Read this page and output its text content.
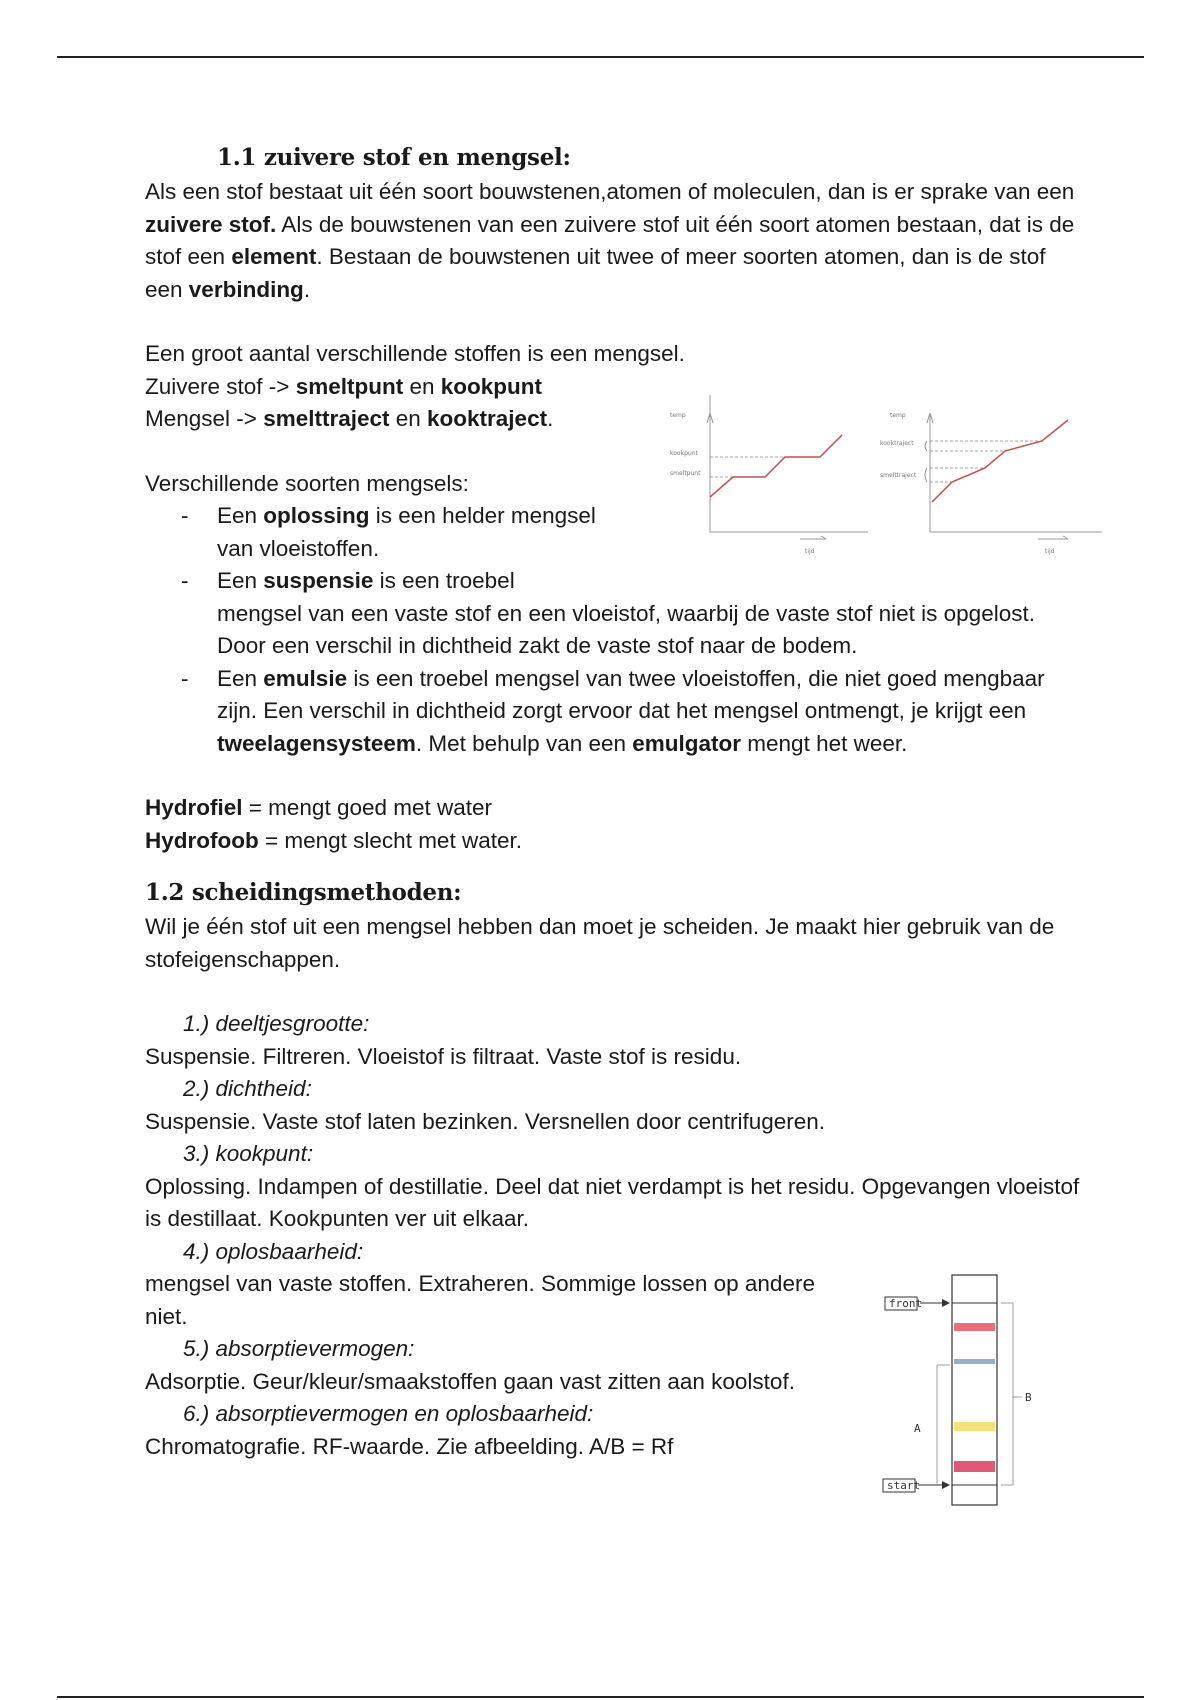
1.1 zuivere stof en mengsel:

Als een stof bestaat uit één soort bouwstenen,atomen of moleculen, dan is er sprake van een zuivere stof. Als de bouwstenen van een zuivere stof uit één soort atomen bestaan, dat is de stof een element. Bestaan de bouwstenen uit twee of meer soorten atomen, dan is de stof een verbinding.

Een groot aantal verschillende stoffen is een mengsel.

Zuivere stof -> smeltpunt en kookpunt

Mengsel -> smelttraject en kooktraject.

Verschillende soorten mengsels:

- Een oplossing is een helder mengsel van vloeistoffen.
- Een suspensie is een troebel
mengsel van een vaste stof en een vloeistof, waarbij de vaste stof niet is opgelost. Door een verschil in dichtheid zakt de vaste stof naar de bodem.
- Een emulsie is een troebel mengsel van twee vloeistoffen, die niet goed mengbaar zijn. Een verschil in dichtheid zorgt ervoor dat het mengsel ontmengt, je krijgt een tweelagensysteem. Met behulp van een emulgator mengt het weer.

Hydrofiel = mengt goed met water

Hydrofoob = mengt slecht met water.

1.2 scheidingsmethoden:

Wil je één stof uit een mengsel hebben dan moet je scheiden. Je maakt hier gebruik van de stofeigenschappen.

1.) deeltjesgrootte:

Suspensie. Filtreren. Vloeistof is filtraat. Vaste stof is residu.

2.) dichtheid:

Suspensie. Vaste stof laten bezinken. Versnellen door centrifugeren.

3.) kookpunt:

Oplossing. Indampen of destillatie. Deel dat niet verdampt is het residu. Opgevangen vloeistof is destillaat. Kookpunten ver uit elkaar.

4.) oplosbaarheid:

mengsel van vaste stoffen. Extraheren. Sommige lossen op andere niet.

5.) absorptievermogen:

Adsorptie. Geur/kleur/smaakstoffen gaan vast zitten aan koolstof.

6.) absorptievermogen en oplosbaarheid:

Chromatografie. RF-waarde. Zie afbeelding. A/B = Rf

temp
kookpunt
smeltpunt
tijd
temp
kooktraject
smelttraject
tijd
front
start
A
B
